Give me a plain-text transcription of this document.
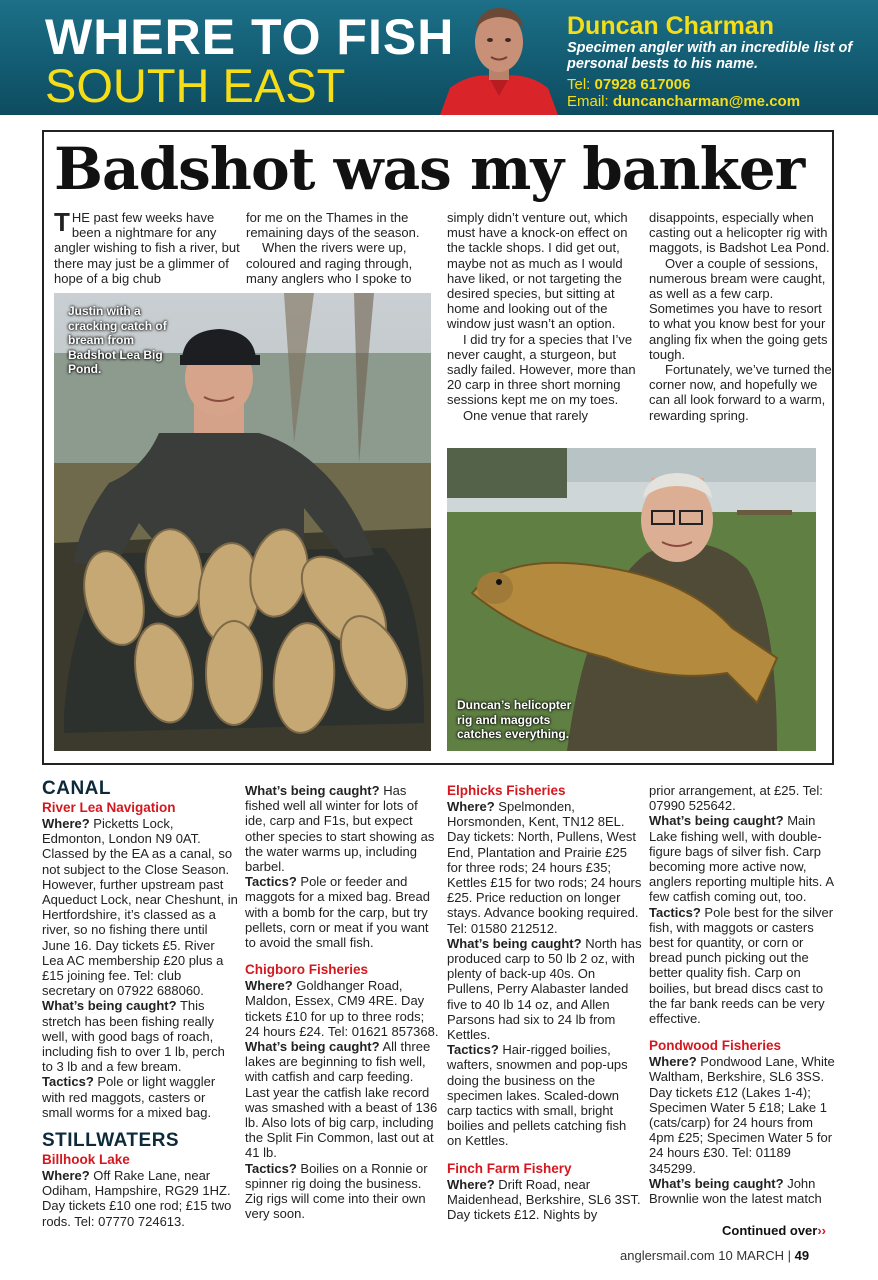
WHERE TO FISH
SOUTH EAST
Duncan Charman
Specimen angler with an incredible list of personal bests to his name.
Tel: 07928 617006
Email: duncancharman@me.com
Badshot was my banker

THE past few weeks have been a nightmare for any angler wishing to fish a river, but there may just be a glimmer of hope of a big chub

for me on the Thames in the remaining days of the season.

When the rivers were up, coloured and raging through, many anglers who I spoke to

simply didn’t venture out, which must have a knock-on effect on the tackle shops. I did get out, maybe not as much as I would have liked, or not targeting the desired species, but sitting at home and looking out of the window just wasn’t an option.

I did try for a species that I’ve never caught, a sturgeon, but sadly failed. However, more than 20 carp in three short morning sessions kept me on my toes.

One venue that rarely

disappoints, especially when casting out a helicopter rig with maggots, is Badshot Lea Pond.

Over a couple of sessions, numerous bream were caught, as well as a few carp. Sometimes you have to resort to what you know best for your angling fix when the going gets tough.

Fortunately, we’ve turned the corner now, and hopefully we can all look forward to a warm, rewarding spring.

Justin with a cracking catch of bream from Badshot Lea Big Pond.
Duncan’s helicopter rig and maggots catches everything.
CANAL
River Lea Navigation

Where? Picketts Lock, Edmonton, London N9 0AT. Classed by the EA as a canal, so not subject to the Close Season. However, further upstream past Aqueduct Lock, near Cheshunt, in Hertfordshire, it’s classed as a river, so no fishing there until June 16. Day tickets £5. River Lea AC membership £20 plus a £15 joining fee. Tel: club secretary on 07922 688060.

What’s being caught? This stretch has been fishing really well, with good bags of roach, including fish to over 1 lb, perch to 3 lb and a few bream.

Tactics? Pole or light waggler with red maggots, casters or small worms for a mixed bag.

STILLWATERS
Billhook Lake

Where? Off Rake Lane, near Odiham, Hampshire, RG29 1HZ. Day tickets £10 one rod; £15 two rods. Tel: 07770 724613.

What’s being caught? Has fished well all winter for lots of ide, carp and F1s, but expect other species to start showing as the water warms up, including barbel.

Tactics? Pole or feeder and maggots for a mixed bag. Bread with a bomb for the carp, but try pellets, corn or meat if you want to avoid the small fish.

Chigboro Fisheries

Where? Goldhanger Road, Maldon, Essex, CM9 4RE. Day tickets £10 for up to three rods; 24 hours £24. Tel: 01621 857368.

What’s being caught? All three lakes are beginning to fish well, with catfish and carp feeding. Last year the catfish lake record was smashed with a beast of 136 lb. Also lots of big carp, including the Split Fin Common, last out at 41 lb.

Tactics? Boilies on a Ronnie or spinner rig doing the business. Zig rigs will come into their own very soon.

Elphicks Fisheries

Where? Spelmonden, Horsmonden, Kent, TN12 8EL. Day tickets: North, Pullens, West End, Plantation and Prairie £25 for three rods; 24 hours £35; Kettles £15 for two rods; 24 hours £25. Price reduction on longer stays. Advance booking required. Tel: 01580 212512.

What’s being caught? North has produced carp to 50 lb 2 oz, with plenty of back-up 40s. On Pullens, Perry Alabaster landed five to 40 lb 14 oz, and Allen Parsons had six to 24 lb from Kettles.

Tactics? Hair-rigged boilies, wafters, snowmen and pop-ups doing the business on the specimen lakes. Scaled-down carp tactics with small, bright boilies and pellets catching fish on Kettles.

Finch Farm Fishery

Where? Drift Road, near Maidenhead, Berkshire, SL6 3ST. Day tickets £12. Nights by

prior arrangement, at £25. Tel: 07990 525642.

What’s being caught? Main Lake fishing well, with double-figure bags of silver fish. Carp becoming more active now, anglers reporting multiple hits. A few catfish coming out, too.

Tactics? Pole best for the silver fish, with maggots or casters best for quantity, or corn or bread punch picking out the better quality fish. Carp on boilies, but bread discs cast to the far bank reeds can be very effective.

Pondwood Fisheries

Where? Pondwood Lane, White Waltham, Berkshire, SL6 3SS. Day tickets £12 (Lakes 1-4); Specimen Water 5 £18; Lake 1 (cats/carp) for 24 hours from 4pm £25; Specimen Water 5 for 24 hours £30. Tel: 01189 345299.

What’s being caught? John Brownlie won the latest match

Continued over››
anglersmail.com 10 MARCH | 49
